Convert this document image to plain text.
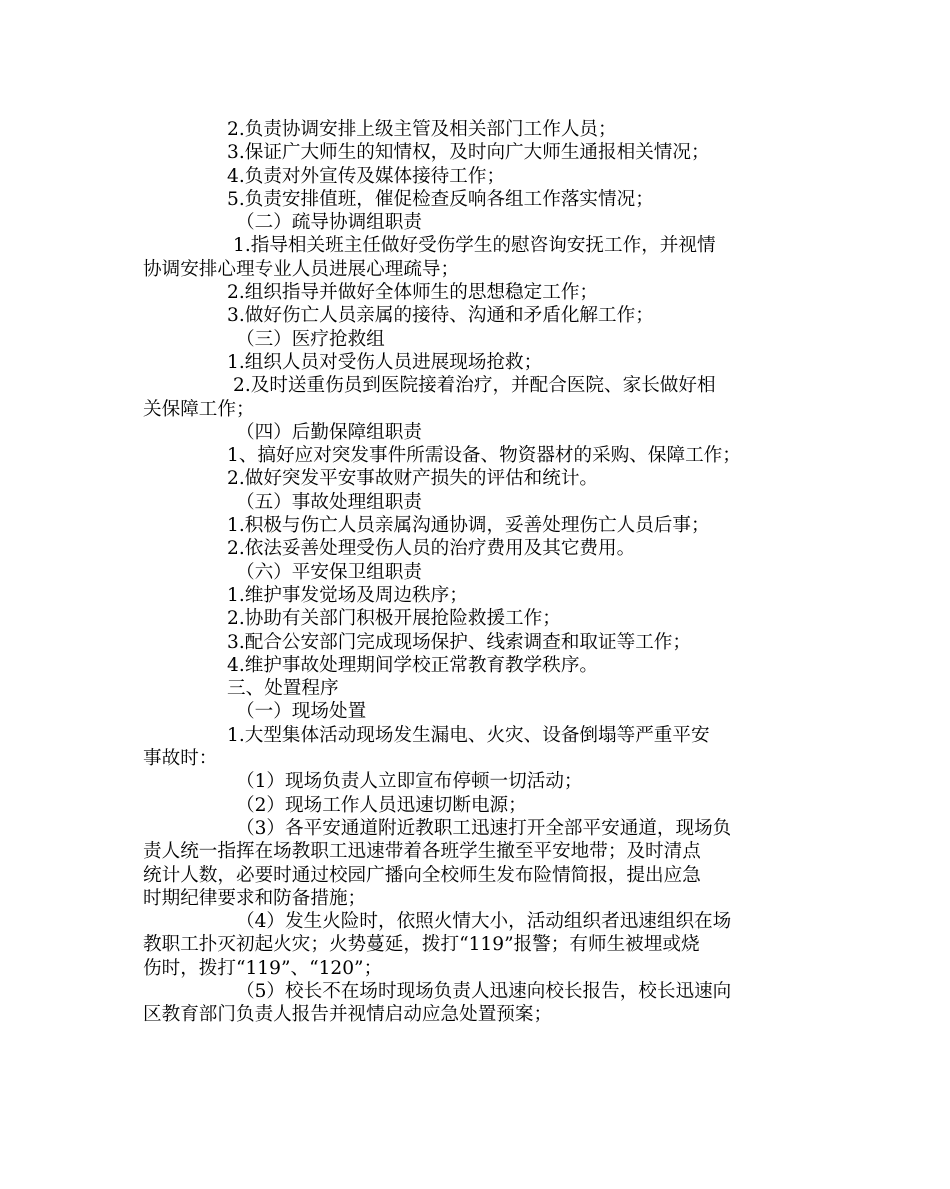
2.负责协调安排上级主管及相关部门工作人员；
3.保证广大师生的知情权，及时向广大师生通报相关情况；
4.负责对外宣传及媒体接待工作；
5.负责安排值班，催促检查反响各组工作落实情况；
（二）疏导协调组职责
1.指导相关班主任做好受伤学生的慰咨询安抚工作，并视情
协调安排心理专业人员进展心理疏导；
2.组织指导并做好全体师生的思想稳定工作；
3.做好伤亡人员亲属的接待、沟通和矛盾化解工作；
（三）医疗抢救组
1.组织人员对受伤人员进展现场抢救；
2.及时送重伤员到医院接着治疗，并配合医院、家长做好相
关保障工作；
（四）后勤保障组职责
1、搞好应对突发事件所需设备、物资器材的采购、保障工作；
2.做好突发平安事故财产损失的评估和统计。
（五）事故处理组职责
1.积极与伤亡人员亲属沟通协调，妥善处理伤亡人员后事；
2.依法妥善处理受伤人员的治疗费用及其它费用。
（六）平安保卫组职责
1.维护事发觉场及周边秩序；
2.协助有关部门积极开展抢险救援工作；
3.配合公安部门完成现场保护、线索调查和取证等工作；
4.维护事故处理期间学校正常教育教学秩序。
三、处置程序
（一）现场处置
1.大型集体活动现场发生漏电、火灾、设备倒塌等严重平安
事故时：
（1）现场负责人立即宣布停顿一切活动；
（2）现场工作人员迅速切断电源；
（3）各平安通道附近教职工迅速打开全部平安通道，现场负
责人统一指挥在场教职工迅速带着各班学生撤至平安地带；及时清点
统计人数，必要时通过校园广播向全校师生发布险情简报，提出应急
时期纪律要求和防备措施；
（4）发生火险时，依照火情大小，活动组织者迅速组织在场
教职工扑灭初起火灾；火势蔓延，拨打“119”报警；有师生被埋或烧
伤时，拨打“119”、“120”；
（5）校长不在场时现场负责人迅速向校长报告，校长迅速向
区教育部门负责人报告并视情启动应急处置预案；
